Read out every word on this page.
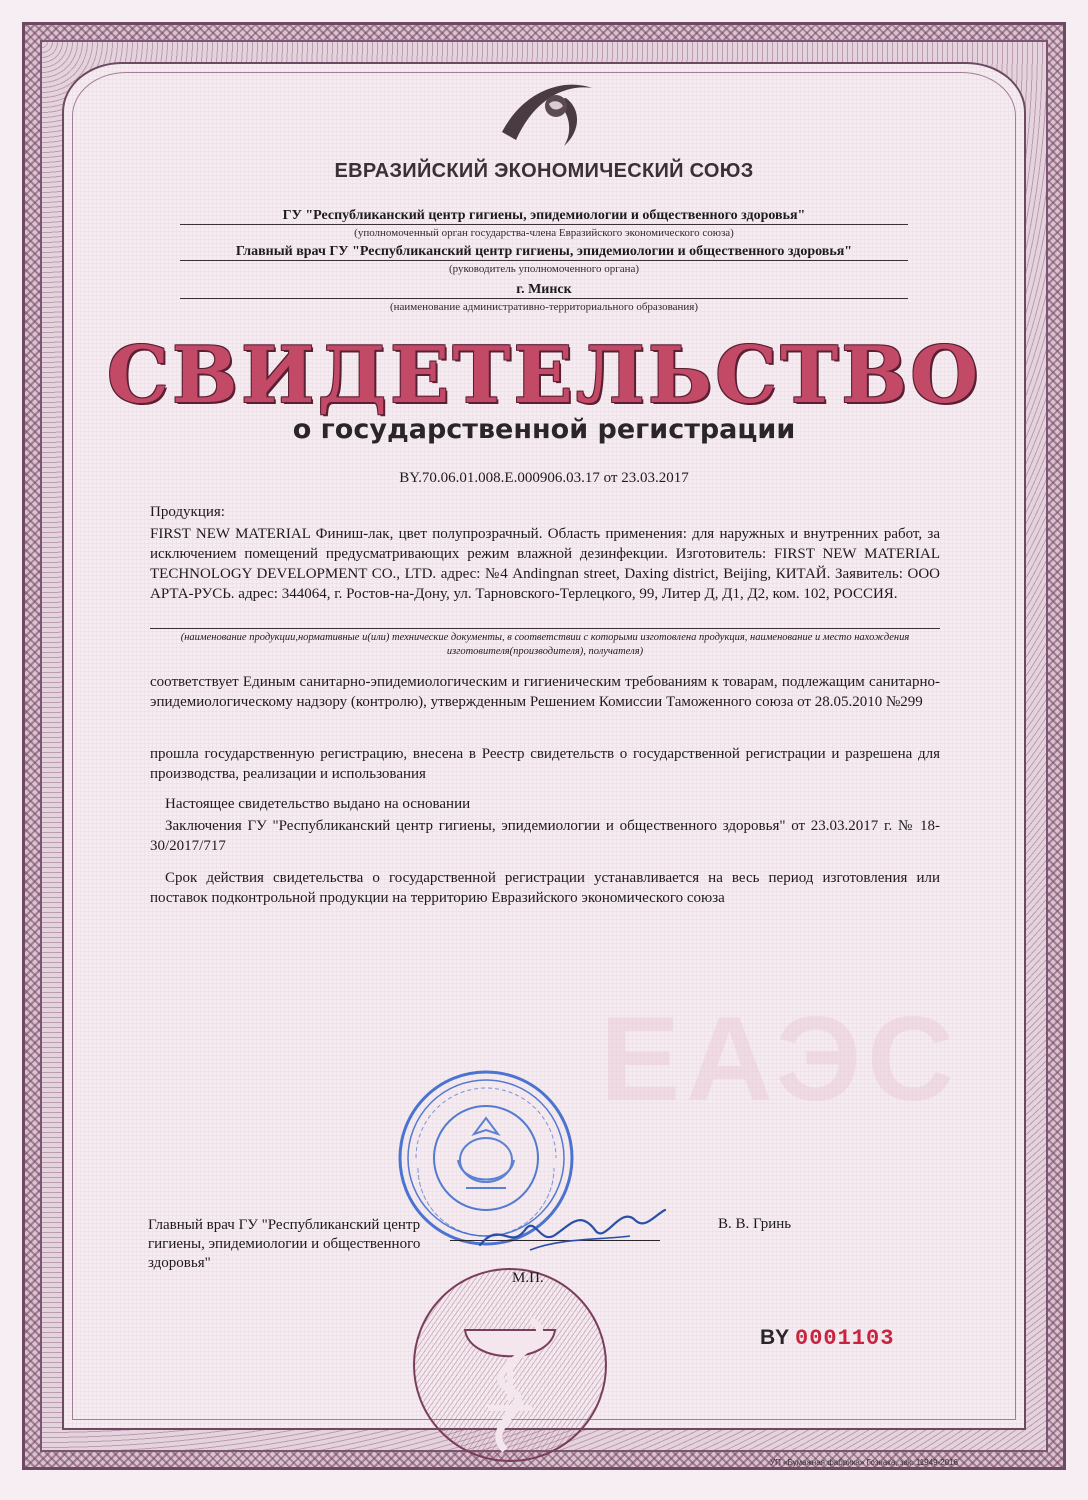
ЕАЭС
ЕВРАЗИЙСКИЙ ЭКОНОМИЧЕСКИЙ СОЮЗ
ГУ "Республиканский центр гигиены, эпидемиологии и общественного здоровья"
(уполномоченный орган государства-члена Евразийского экономического союза)
Главный врач ГУ "Республиканский центр гигиены, эпидемиологии и общественного здоровья"
(руководитель уполномоченного органа)
г. Минск
(наименование административно-территориального образования)
СВИДЕТЕЛЬСТВО
о государственной регистрации
BY.70.06.01.008.E.000906.03.17 от 23.03.2017
Продукция:
FIRST NEW MATERIAL Финиш-лак, цвет полупрозрачный. Область применения: для наружных и внутренних работ, за исключением помещений предусматривающих режим влажной дезинфекции. Изготовитель: FIRST NEW MATERIAL TECHNOLOGY DEVELOPMENT CO., LTD. адрес: №4 Andingnan street, Daxing district, Beijing, КИТАЙ. Заявитель: ООО АРТА-РУСЬ. адрес: 344064, г. Ростов-на-Дону, ул. Тарновского-Терлецкого, 99, Литер Д, Д1, Д2, ком. 102, РОССИЯ.
(наименование продукции,нормативные и(или) технические документы, в соответствии с которыми изготовлена продукция, наименование и место нахождения изготовителя(производителя), получателя)
соответствует Единым санитарно-эпидемиологическим и гигиеническим требованиям к товарам, подлежащим санитарно-эпидемиологическому надзору (контролю), утвержденным Решением Комиссии Таможенного союза от 28.05.2010 №299
прошла государственную регистрацию, внесена в Реестр свидетельств о государственной регистрации и разрешена для производства, реализации и использования
Настоящее свидетельство выдано на основании
Заключения ГУ "Республиканский центр гигиены, эпидемиологии и общественного здоровья" от 23.03.2017 г. № 18-30/2017/717
Срок действия свидетельства о государственной регистрации устанавливается на весь период изготовления или поставок подконтрольной продукции на территорию Евразийского экономического союза
Главный врач ГУ "Республиканский центр гигиены, эпидемиологии и общественного здоровья"
В. В. Гринь
М.П.
BY 0001103
УП «Бумажная фабрика» Гознака, зак. 11949-2016
